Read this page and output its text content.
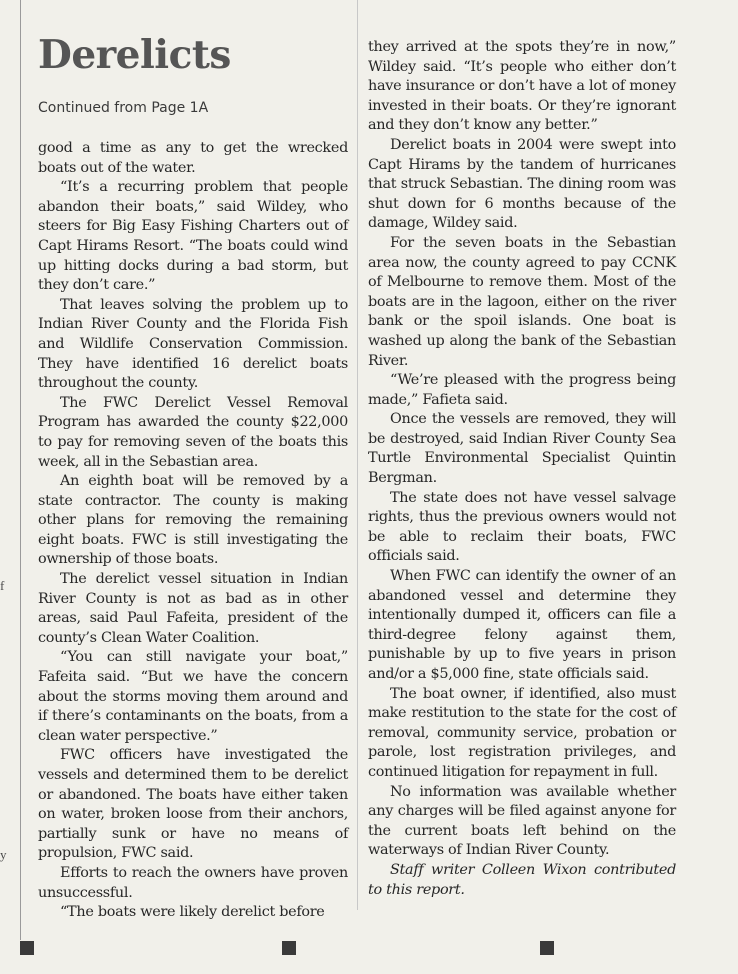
f
y
Derelicts

Continued from Page 1A

good a time as any to get the wrecked boats out of the water.

“It’s a recurring problem that people abandon their boats,” said Wildey, who steers for Big Easy Fishing Charters out of Capt Hirams Resort. “The boats could wind up hitting docks during a bad storm, but they don’t care.”

That leaves solving the problem up to Indian River County and the Florida Fish and Wildlife Conservation Commission. They have identified 16 derelict boats throughout the county.

The FWC Derelict Vessel Removal Program has awarded the county $22,000 to pay for removing seven of the boats this week, all in the Sebastian area.

An eighth boat will be removed by a state contractor. The county is making other plans for removing the remaining eight boats. FWC is still investigating the ownership of those boats.

The derelict vessel situation in Indian River County is not as bad as in other areas, said Paul Fafeita, president of the county’s Clean Water Coalition.

“You can still navigate your boat,” Fafeita said. “But we have the concern about the storms moving them around and if there’s contaminants on the boats, from a clean water perspective.”

FWC officers have investigated the vessels and determined them to be derelict or abandoned. The boats have either taken on water, broken loose from their anchors, partially sunk or have no means of propulsion, FWC said.

Efforts to reach the owners have proven unsuccessful.

“The boats were likely derelict before

they arrived at the spots they’re in now,” Wildey said. “It’s people who either don’t have insurance or don’t have a lot of money invested in their boats. Or they’re ignorant and they don’t know any better.”

Derelict boats in 2004 were swept into Capt Hirams by the tandem of hurricanes that struck Sebastian. The dining room was shut down for 6 months because of the damage, Wildey said.

For the seven boats in the Sebastian area now, the county agreed to pay CCNK of Melbourne to remove them. Most of the boats are in the lagoon, either on the river bank or the spoil islands. One boat is washed up along the bank of the Sebastian River.

“We’re pleased with the progress being made,” Fafieta said.

Once the vessels are removed, they will be destroyed, said Indian River County Sea Turtle Environmental Specialist Quintin Bergman.

The state does not have vessel salvage rights, thus the previous owners would not be able to reclaim their boats, FWC officials said.

When FWC can identify the owner of an abandoned vessel and determine they intentionally dumped it, officers can file a third-degree felony against them, punishable by up to five years in prison and/or a $5,000 fine, state officials said.

The boat owner, if identified, also must make restitution to the state for the cost of removal, community service, probation or parole, lost registration privileges, and continued litigation for repayment in full.

No information was available whether any charges will be filed against anyone for the current boats left behind on the waterways of Indian River County.

Staff writer Colleen Wixon contributed to this report.
